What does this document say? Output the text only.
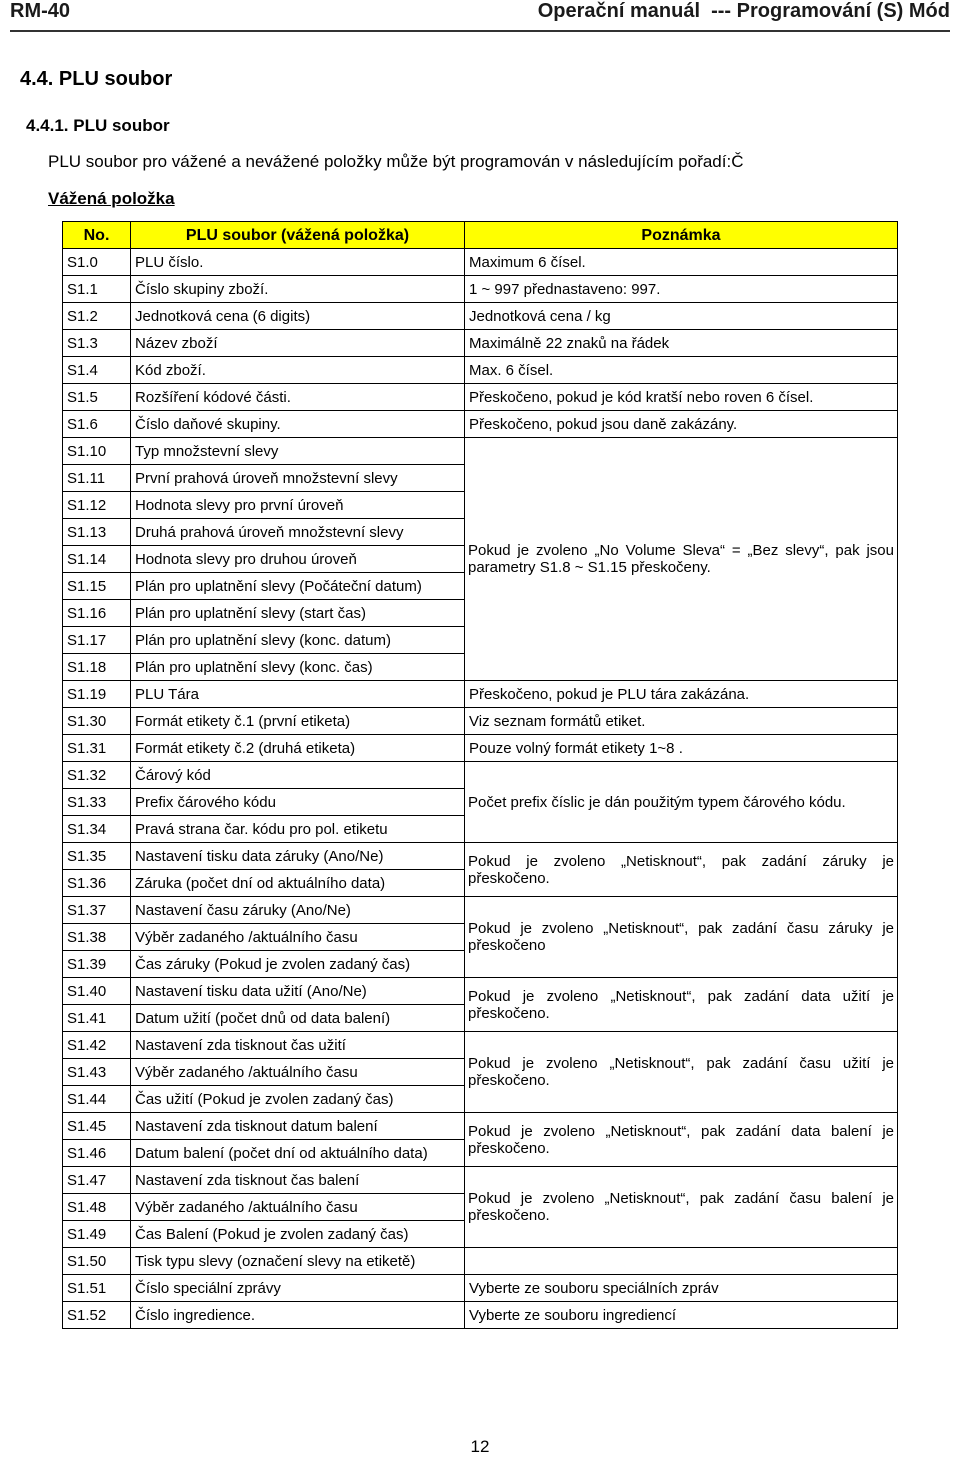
RM-40	Operační manuál  --- Programování (S) Mód
4.4. PLU soubor
4.4.1. PLU soubor
PLU soubor pro vážené a nevážené položky může být programován v následujícím pořadí:Č
Vážená položka
No.	PLU soubor (vážená položka)	Poznámka
S1.0	PLU číslo.	Maximum 6 čísel.
S1.1	Číslo skupiny zboží.	1 ~ 997 přednastaveno: 997.
S1.2	Jednotková cena (6 digits)	Jednotková cena / kg
S1.3	Název zboží	Maximálně 22 znaků na řádek
S1.4	Kód zboží.	Max. 6 čísel.
S1.5	Rozšíření kódové části.	Přeskočeno, pokud je kód kratší nebo roven 6 čísel.
S1.6	Číslo daňové skupiny.	Přeskočeno, pokud jsou daně zakázány.
S1.10	Typ množstevní slevy	Pokud je zvoleno „No Volume Sleva“ = „Bez slevy“, pak jsou parametry S1.8 ~ S1.15 přeskočeny.
S1.11	První prahová úroveň množstevní slevy	
S1.12	Hodnota slevy pro první úroveň	
S1.13	Druhá prahová úroveň množstevní slevy	
S1.14	Hodnota slevy pro druhou úroveň	
S1.15	Plán pro uplatnění slevy (Počáteční datum)	
S1.16	Plán pro uplatnění slevy (start čas)	
S1.17	Plán pro uplatnění slevy (konc. datum)	
S1.18	Plán pro uplatnění slevy (konc. čas)	
S1.19	PLU Tára	Přeskočeno, pokud je PLU tára zakázána.
S1.30	Formát etikety č.1 (první etiketa)	Viz seznam formátů etiket.
S1.31	Formát etikety č.2 (druhá etiketa)	Pouze volný formát etikety 1~8 .
S1.32	Čárový kód	Počet prefix číslic je dán použitým typem čárového kódu.
S1.33	Prefix čárového kódu	
S1.34	Pravá strana čar. kódu pro pol. etiketu	
S1.35	Nastavení tisku data záruky (Ano/Ne)	Pokud je zvoleno „Netisknout“, pak zadání záruky je přeskočeno.
S1.36	Záruka (počet dní od aktuálního data)	
S1.37	Nastavení času záruky (Ano/Ne)	Pokud je zvoleno „Netisknout“, pak zadání času záruky je přeskočeno
S1.38	Výběr zadaného /aktuálního času	
S1.39	Čas záruky (Pokud je zvolen zadaný čas)	
S1.40	Nastavení tisku data užití (Ano/Ne)	Pokud je zvoleno „Netisknout“, pak zadání data užití je přeskočeno.
S1.41	Datum užití (počet dnů od data balení)	
S1.42	Nastavení zda tisknout čas užití	Pokud je zvoleno „Netisknout“, pak zadání času užití je přeskočeno.
S1.43	Výběr zadaného /aktuálního času	
S1.44	Čas užití (Pokud je zvolen zadaný čas)	
S1.45	Nastavení zda tisknout datum balení	Pokud je zvoleno „Netisknout“, pak zadání data balení je přeskočeno.
S1.46	Datum balení (počet dní od aktuálního data)	
S1.47	Nastavení zda tisknout čas balení	Pokud je zvoleno „Netisknout“, pak zadání času balení je přeskočeno.
S1.48	Výběr zadaného /aktuálního času	
S1.49	Čas Balení (Pokud je zvolen zadaný čas)	
S1.50	Tisk typu slevy (označení slevy na etiketě)	
S1.51	Číslo speciální zprávy	Vyberte ze souboru speciálních zpráv
S1.52	Číslo ingredience.	Vyberte ze souboru ingrediencí
12
